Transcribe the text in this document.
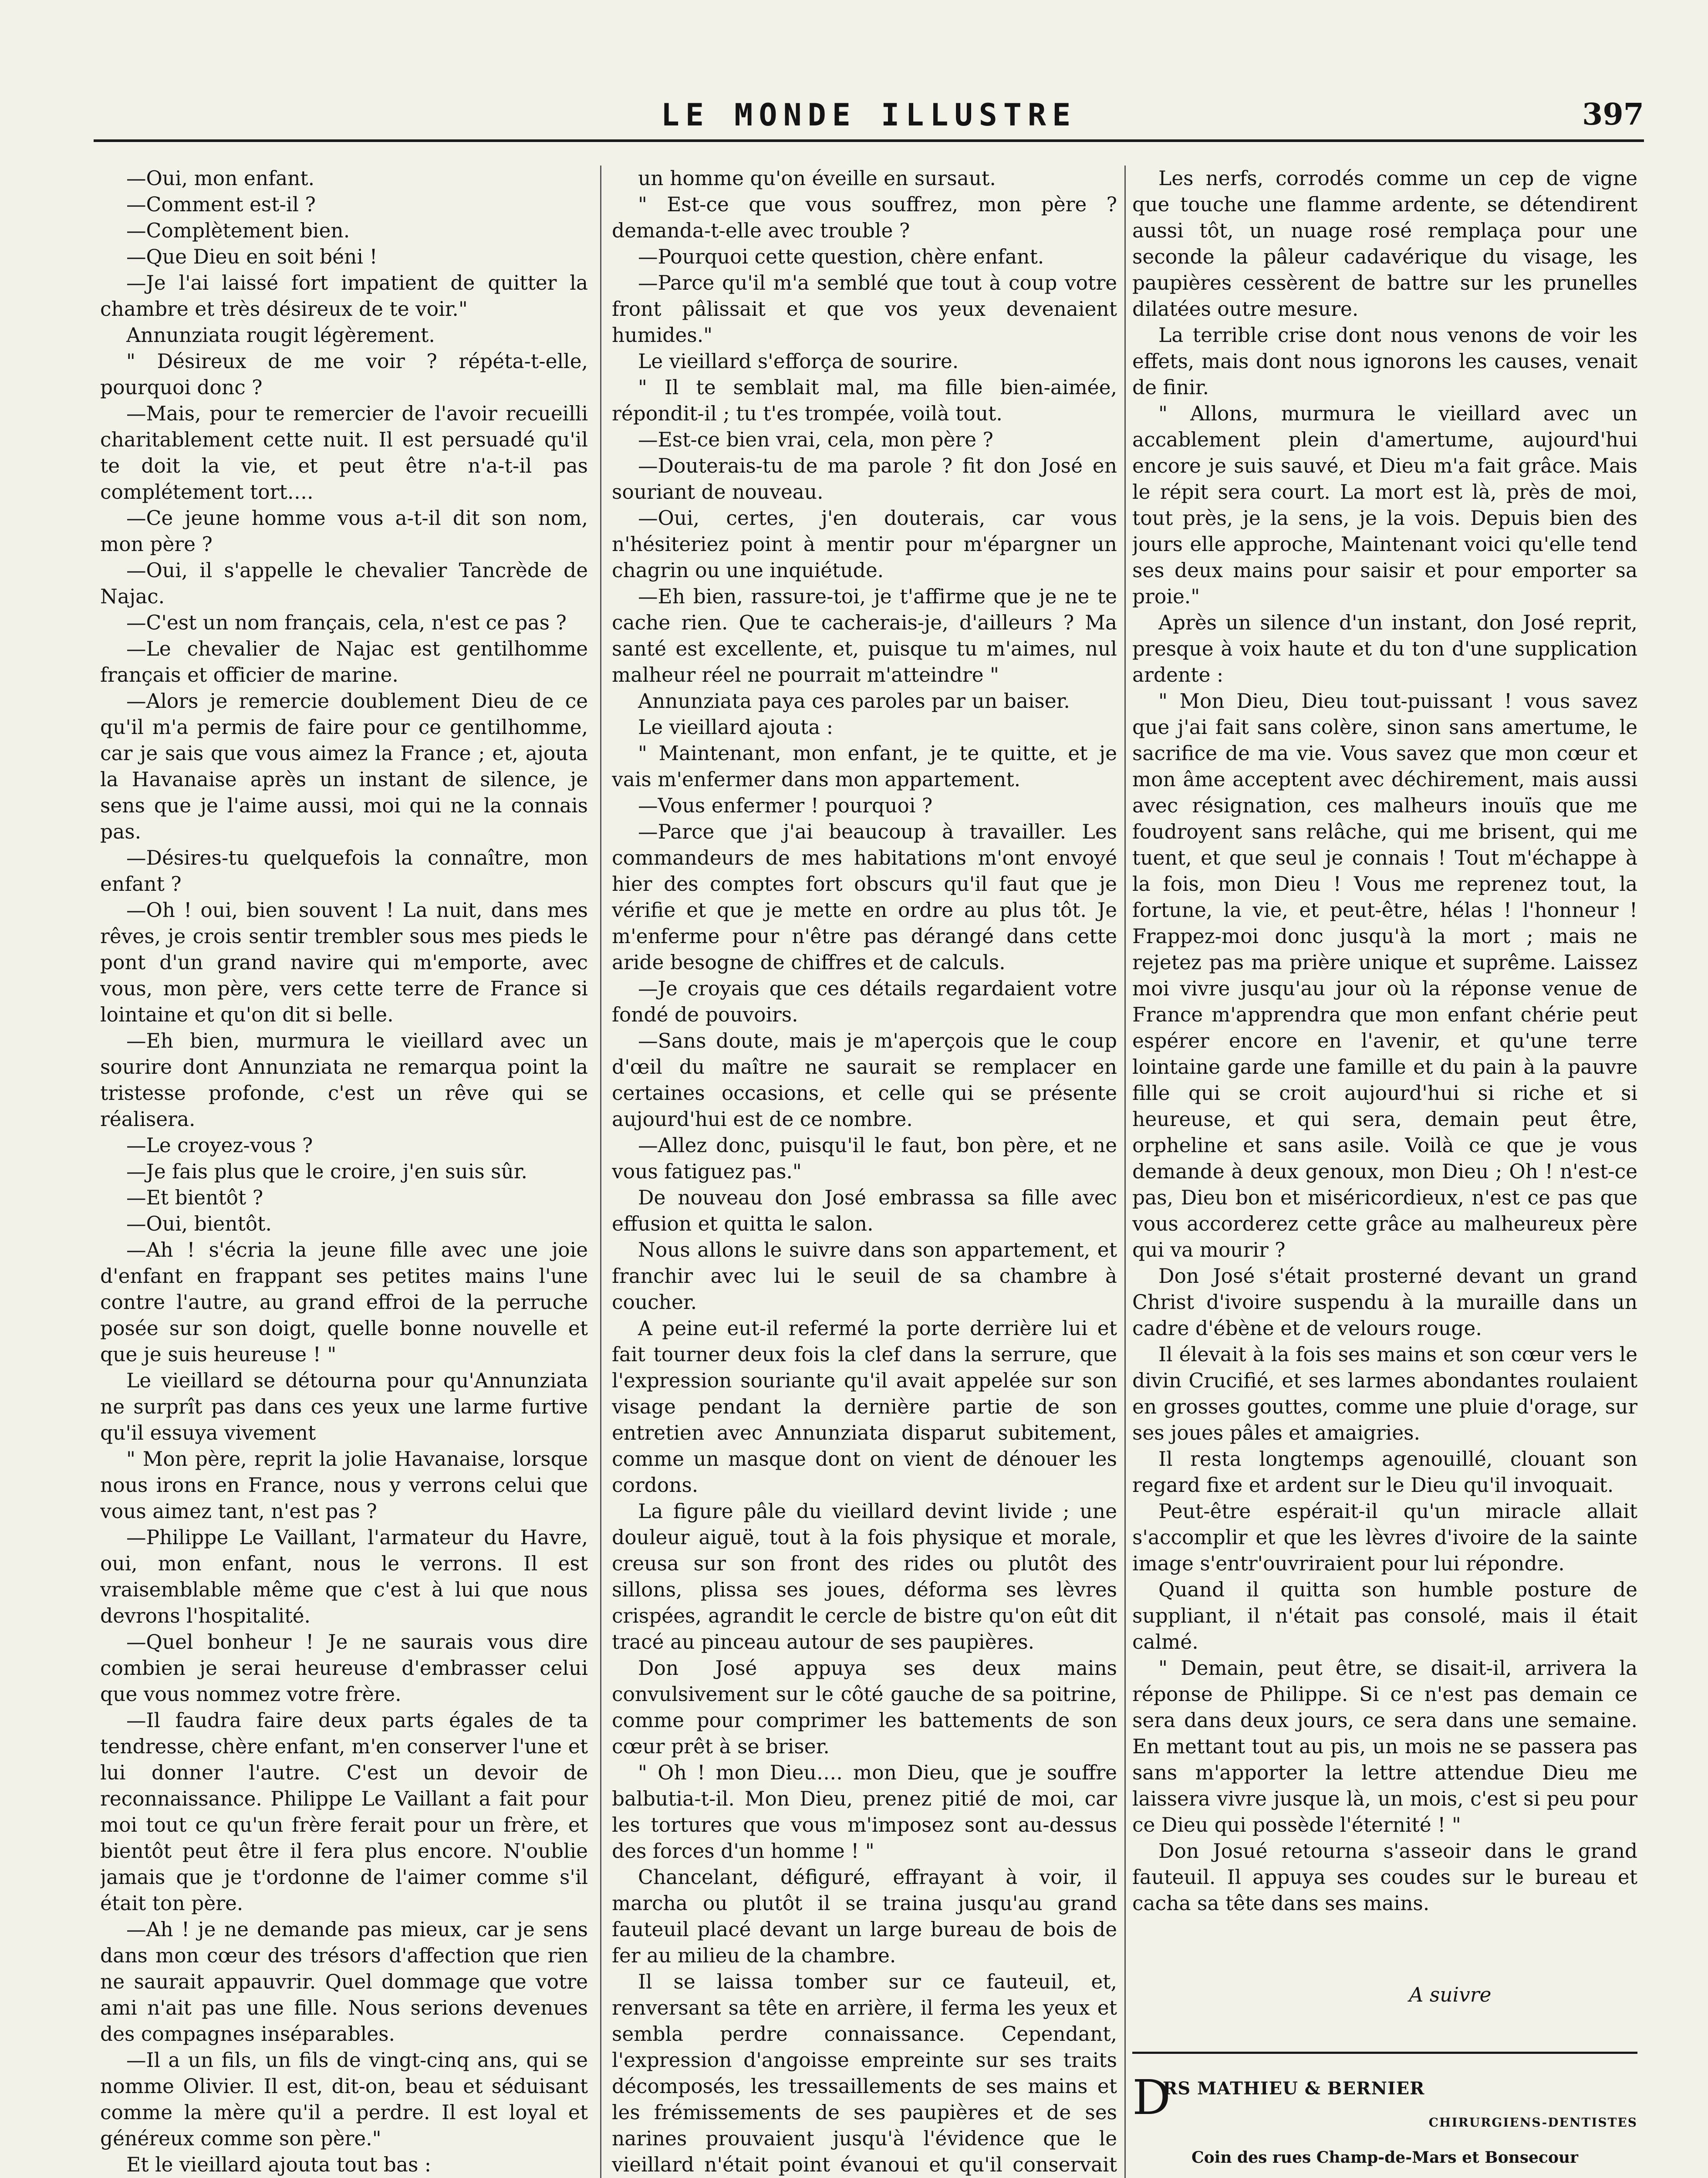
LE MONDE ILLUSTRE	397

—Oui, mon enfant.

—Comment est-il ?

—Complètement bien.

—Que Dieu en soit béni !

—Je l'ai laissé fort impatient de quitter la chambre et très désireux de te voir."

Annunziata rougit légèrement.

" Désireux de me voir ? répéta-t-elle, pourquoi donc ?

—Mais, pour te remercier de l'avoir recueilli charitablement cette nuit. Il est persuadé qu'il te doit la vie, et peut être n'a-t-il pas complétement tort….

—Ce jeune homme vous a-t-il dit son nom, mon père ?

—Oui, il s'appelle le chevalier Tancrède de Najac.

—C'est un nom français, cela, n'est ce pas ?

—Le chevalier de Najac est gentilhomme français et officier de marine.

—Alors je remercie doublement Dieu de ce qu'il m'a permis de faire pour ce gentilhomme, car je sais que vous aimez la France ; et, ajouta la Havanaise après un instant de silence, je sens que je l'aime aussi, moi qui ne la connais pas.

—Désires-tu quelquefois la connaître, mon enfant ?

—Oh ! oui, bien souvent ! La nuit, dans mes rêves, je crois sentir trembler sous mes pieds le pont d'un grand navire qui m'emporte, avec vous, mon père, vers cette terre de France si lointaine et qu'on dit si belle.

—Eh bien, murmura le vieillard avec un sourire dont Annunziata ne remarqua point la tristesse profonde, c'est un rêve qui se réalisera.

—Le croyez-vous ?

—Je fais plus que le croire, j'en suis sûr.

—Et bientôt ?

—Oui, bientôt.

—Ah ! s'écria la jeune fille avec une joie d'enfant en frappant ses petites mains l'une contre l'autre, au grand effroi de la perruche posée sur son doigt, quelle bonne nouvelle et que je suis heureuse ! "

Le vieillard se détourna pour qu'Annunziata ne surprît pas dans ces yeux une larme furtive qu'il essuya vivement

" Mon père, reprit la jolie Havanaise, lorsque nous irons en France, nous y verrons celui que vous aimez tant, n'est pas ?

—Philippe Le Vaillant, l'armateur du Havre, oui, mon enfant, nous le verrons. Il est vraisemblable même que c'est à lui que nous devrons l'hospitalité.

—Quel bonheur ! Je ne saurais vous dire combien je serai heureuse d'embrasser celui que vous nommez votre frère.

—Il faudra faire deux parts égales de ta tendresse, chère enfant, m'en conserver l'une et lui donner l'autre. C'est un devoir de reconnaissance. Philippe Le Vaillant a fait pour moi tout ce qu'un frère ferait pour un frère, et bientôt peut être il fera plus encore. N'oublie jamais que je t'ordonne de l'aimer comme s'il était ton père.

—Ah ! je ne demande pas mieux, car je sens dans mon cœur des trésors d'affection que rien ne saurait appauvrir. Quel dommage que votre ami n'ait pas une fille. Nous serions devenues des compagnes inséparables.

—Il a un fils, un fils de vingt-cinq ans, qui se nomme Olivier. Il est, dit-on, beau et séduisant comme la mère qu'il a perdre. Il est loyal et généreux comme son père."

Et le vieillard ajouta tout bas :

un homme qu'on éveille en sursaut.

" Est-ce que vous souffrez, mon père ? demanda-t-elle avec trouble ?

—Pourquoi cette question, chère enfant.

—Parce qu'il m'a semblé que tout à coup votre front pâlissait et que vos yeux devenaient humides."

Le vieillard s'efforça de sourire.

" Il te semblait mal, ma fille bien-aimée, répondit-il ; tu t'es trompée, voilà tout.

—Est-ce bien vrai, cela, mon père ?

—Douterais-tu de ma parole ? fit don José en souriant de nouveau.

—Oui, certes, j'en douterais, car vous n'hésiteriez point à mentir pour m'épargner un chagrin ou une inquiétude.

—Eh bien, rassure-toi, je t'affirme que je ne te cache rien. Que te cacherais-je, d'ailleurs ? Ma santé est excellente, et, puisque tu m'aimes, nul malheur réel ne pourrait m'atteindre "

Annunziata paya ces paroles par un baiser.

Le vieillard ajouta :

" Maintenant, mon enfant, je te quitte, et je vais m'enfermer dans mon appartement.

—Vous enfermer ! pourquoi ?

—Parce que j'ai beaucoup à travailler. Les commandeurs de mes habitations m'ont envoyé hier des comptes fort obscurs qu'il faut que je vérifie et que je mette en ordre au plus tôt. Je m'enferme pour n'être pas dérangé dans cette aride besogne de chiffres et de calculs.

—Je croyais que ces détails regardaient votre fondé de pouvoirs.

—Sans doute, mais je m'aperçois que le coup d'œil du maître ne saurait se remplacer en certaines occasions, et celle qui se présente aujourd'hui est de ce nombre.

—Allez donc, puisqu'il le faut, bon père, et ne vous fatiguez pas."

De nouveau don José embrassa sa fille avec effusion et quitta le salon.

Nous allons le suivre dans son appartement, et franchir avec lui le seuil de sa chambre à coucher.

A peine eut-il refermé la porte derrière lui et fait tourner deux fois la clef dans la serrure, que l'expression souriante qu'il avait appelée sur son visage pendant la dernière partie de son entretien avec Annunziata disparut subitement, comme un masque dont on vient de dénouer les cordons.

La figure pâle du vieillard devint livide ; une douleur aiguë, tout à la fois physique et morale, creusa sur son front des rides ou plutôt des sillons, plissa ses joues, déforma ses lèvres crispées, agrandit le cercle de bistre qu'on eût dit tracé au pinceau autour de ses paupières.

Don José appuya ses deux mains convulsivement sur le côté gauche de sa poitrine, comme pour comprimer les battements de son cœur prêt à se briser.

" Oh ! mon Dieu…. mon Dieu, que je souffre balbutia-t-il. Mon Dieu, prenez pitié de moi, car les tortures que vous m'imposez sont au-dessus des forces d'un homme ! "

Chancelant, défiguré, effrayant à voir, il marcha ou plutôt il se traina jusqu'au grand fauteuil placé devant un large bureau de bois de fer au milieu de la chambre.

Il se laissa tomber sur ce fauteuil, et, renversant sa tête en arrière, il ferma les yeux et sembla perdre connaissance. Cependant, l'expression d'angoisse empreinte sur ses traits décomposés, les tressaillements de ses mains et les frémissements de ses paupières et de ses narines prouvaient jusqu'à l'évidence que le vieillard n'était point évanoui et qu'il conservait

Les nerfs, corrodés comme un cep de vigne que touche une flamme ardente, se détendirent aussi tôt, un nuage rosé remplaça pour une seconde la pâleur cadavérique du visage, les paupières cessèrent de battre sur les prunelles dilatées outre mesure.

La terrible crise dont nous venons de voir les effets, mais dont nous ignorons les causes, venait de finir.

" Allons, murmura le vieillard avec un accablement plein d'amertume, aujourd'hui encore je suis sauvé, et Dieu m'a fait grâce. Mais le répit sera court. La mort est là, près de moi, tout près, je la sens, je la vois. Depuis bien des jours elle approche, Maintenant voici qu'elle tend ses deux mains pour saisir et pour emporter sa proie."

Après un silence d'un instant, don José reprit, presque à voix haute et du ton d'une supplication ardente :

" Mon Dieu, Dieu tout-puissant ! vous savez que j'ai fait sans colère, sinon sans amertume, le sacrifice de ma vie. Vous savez que mon cœur et mon âme acceptent avec déchirement, mais aussi avec résignation, ces malheurs inouïs que me foudroyent sans relâche, qui me brisent, qui me tuent, et que seul je connais ! Tout m'échappe à la fois, mon Dieu ! Vous me reprenez tout, la fortune, la vie, et peut-être, hélas ! l'honneur ! Frappez-moi donc jusqu'à la mort ; mais ne rejetez pas ma prière unique et suprême. Laissez moi vivre jusqu'au jour où la réponse venue de France m'apprendra que mon enfant chérie peut espérer encore en l'avenir, et qu'une terre lointaine garde une famille et du pain à la pauvre fille qui se croit aujourd'hui si riche et si heureuse, et qui sera, demain peut être, orpheline et sans asile. Voilà ce que je vous demande à deux genoux, mon Dieu ; Oh ! n'est-ce pas, Dieu bon et miséricordieux, n'est ce pas que vous accorderez cette grâce au malheureux père qui va mourir ?

Don José s'était prosterné devant un grand Christ d'ivoire suspendu à la muraille dans un cadre d'ébène et de velours rouge.

Il élevait à la fois ses mains et son cœur vers le divin Crucifié, et ses larmes abondantes roulaient en grosses gouttes, comme une pluie d'orage, sur ses joues pâles et amaigries.

Il resta longtemps agenouillé, clouant son regard fixe et ardent sur le Dieu qu'il invoquait.

Peut-être espérait-il qu'un miracle allait s'accomplir et que les lèvres d'ivoire de la sainte image s'entr'ouvriraient pour lui répondre.

Quand il quitta son humble posture de suppliant, il n'était pas consolé, mais il était calmé.

" Demain, peut être, se disait-il, arrivera la réponse de Philippe. Si ce n'est pas demain ce sera dans deux jours, ce sera dans une semaine. En mettant tout au pis, un mois ne se passera pas sans m'apporter la lettre attendue Dieu me laissera vivre jusque là, un mois, c'est si peu pour ce Dieu qui possède l'éternité ! "

Don Josué retourna s'asseoir dans le grand fauteuil. Il appuya ses coudes sur le bureau et cacha sa tête dans ses mains.

A suivre

D
RS MATHIEU & BERNIER
CHIRURGIENS-DENTISTES
Coin des rues Champ-de-Mars et Bonsecour
